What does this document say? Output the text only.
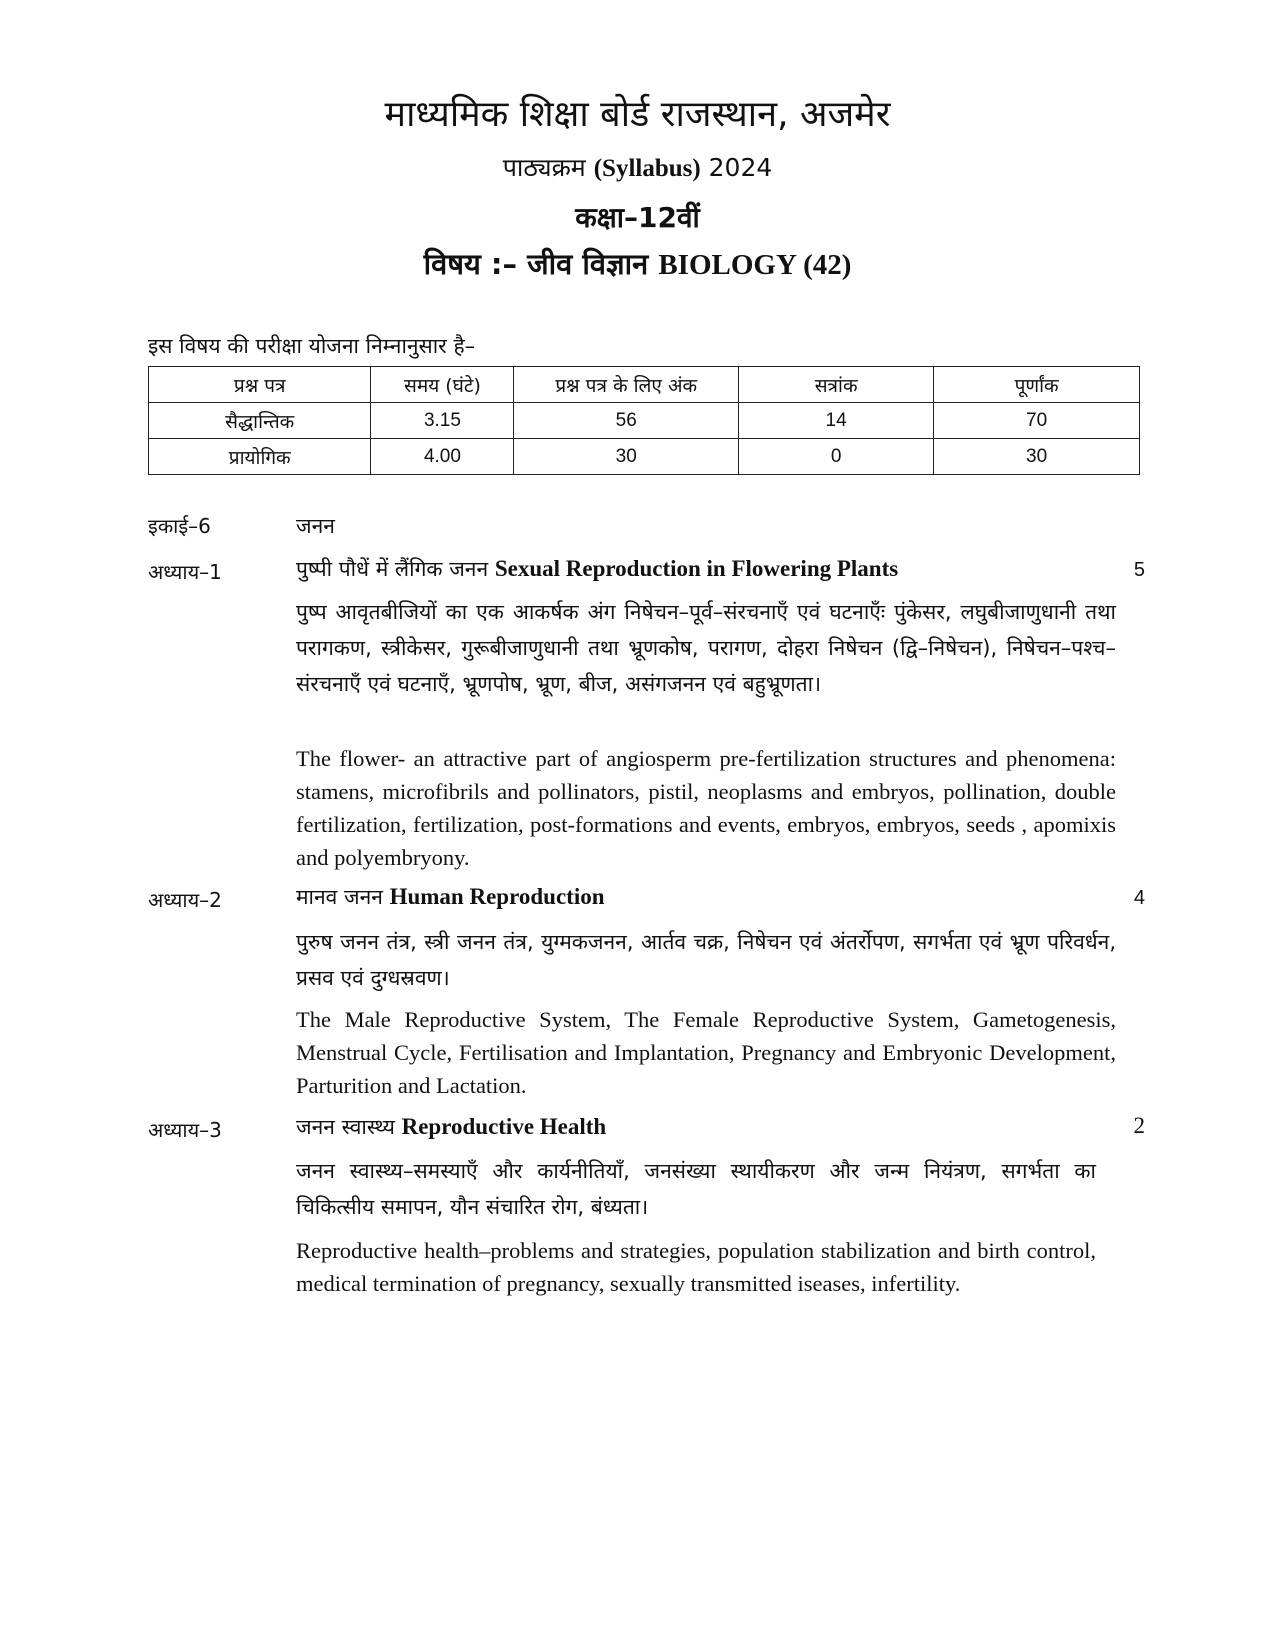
माध्यमिक शिक्षा बोर्ड राजस्थान, अजमेर
पाठ्यक्रम (Syllabus) 2024
कक्षा–12वीं
विषय :– जीव विज्ञान BIOLOGY (42)
इस विषय की परीक्षा योजना निम्नानुसार है–
प्रश्न पत्र	समय (घंटे)	प्रश्न पत्र के लिए अंक	सत्रांक	पूर्णांक
सैद्धान्तिक	3.15	56	14	70
प्रायोगिक	4.00	30	0	30
इकाई–6	जनन
अध्याय–1	पुष्पी पौधें में लैंगिक जनन Sexual Reproduction in Flowering Plants	5
पुष्प आवृतबीजियों का एक आकर्षक अंग निषेचन–पूर्व–संरचनाएँ एवं घटनाएँः पुंकेसर, लघुबीजाणुधानी तथा परागकण, स्त्रीकेसर, गुरूबीजाणुधानी तथा भ्रूणकोष, परागण, दोहरा निषेचन (द्वि–निषेचन), निषेचन–पश्च–संरचनाएँ एवं घटनाएँ, भ्रूणपोष, भ्रूण, बीज, असंगजनन एवं बहुभ्रूणता।
The flower- an attractive part of angiosperm pre-fertilization structures and phenomena: stamens, microfibrils and pollinators, pistil, neoplasms and embryos, pollination, double fertilization, fertilization, post-formations and events, embryos, embryos, seeds , apomixis and polyembryony.
अध्याय–2	मानव जनन Human Reproduction	4
पुरुष जनन तंत्र, स्त्री जनन तंत्र, युग्मकजनन, आर्तव चक्र, निषेचन एवं अंतर्रोपण, सगर्भता एवं भ्रूण परिवर्धन, प्रसव एवं दुग्धस्रवण।
The Male Reproductive System, The Female Reproductive System, Gametogenesis, Menstrual Cycle, Fertilisation and Implantation, Pregnancy and Embryonic Development, Parturition and Lactation.
अध्याय–3	जनन स्वास्थ्य Reproductive Health	2
जनन स्वास्थ्य–समस्याएँ और कार्यनीतियाँ, जनसंख्या स्थायीकरण और जन्म नियंत्रण, सगर्भता का चिकित्सीय समापन, यौन संचारित रोग, बंध्यता।
Reproductive health–problems and strategies, population stabilization and birth control, medical termination of pregnancy, sexually transmitted iseases, infertility.
